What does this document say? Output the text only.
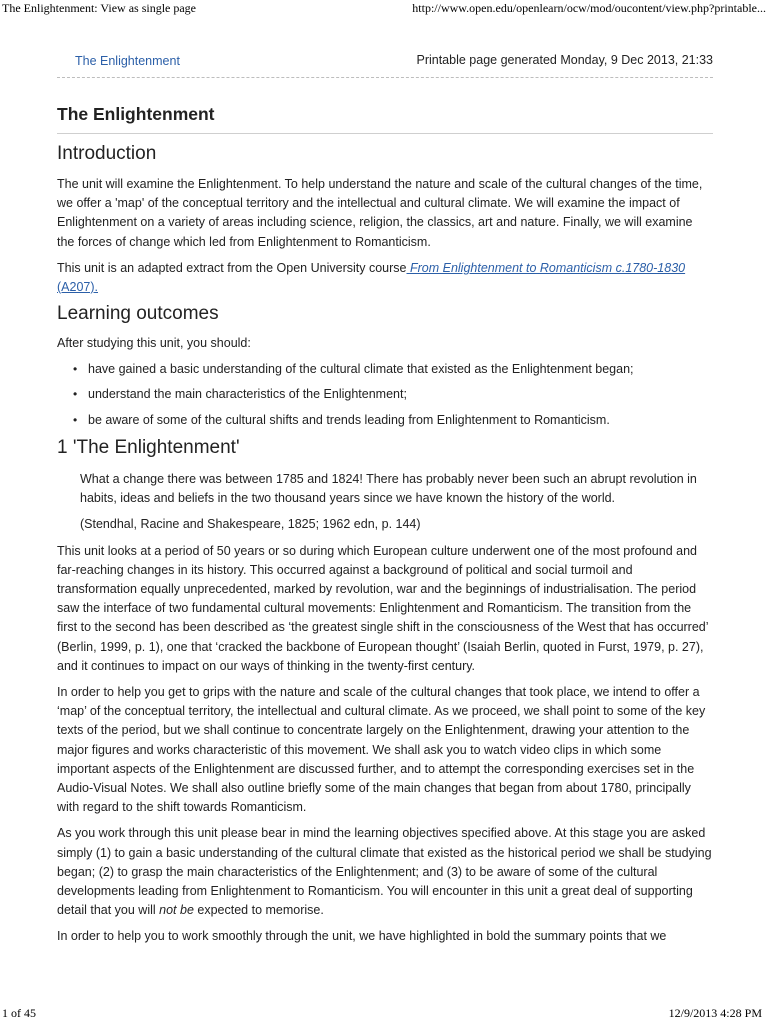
The Enlightenment: View as single page	http://www.open.edu/openlearn/ocw/mod/oucontent/view.php?printable...
The Enlightenment	Printable page generated Monday, 9 Dec 2013, 21:33
The Enlightenment
Introduction

The unit will examine the Enlightenment. To help understand the nature and scale of the cultural changes of the time, we offer a 'map' of the conceptual territory and the intellectual and cultural climate. We will examine the impact of Enlightenment on a variety of areas including science, religion, the classics, art and nature. Finally, we will examine the forces of change which led from Enlightenment to Romanticism.

This unit is an adapted extract from the Open University course From Enlightenment to Romanticism c.1780-1830 (A207).

Learning outcomes

After studying this unit, you should:

• have gained a basic understanding of the cultural climate that existed as the Enlightenment began;
• understand the main characteristics of the Enlightenment;
• be aware of some of the cultural shifts and trends leading from Enlightenment to Romanticism.
1 'The Enlightenment'

What a change there was between 1785 and 1824! There has probably never been such an abrupt revolution in habits, ideas and beliefs in the two thousand years since we have known the history of the world.

(Stendhal, Racine and Shakespeare, 1825; 1962 edn, p. 144)

This unit looks at a period of 50 years or so during which European culture underwent one of the most profound and far-reaching changes in its history. This occurred against a background of political and social turmoil and transformation equally unprecedented, marked by revolution, war and the beginnings of industrialisation. The period saw the interface of two fundamental cultural movements: Enlightenment and Romanticism. The transition from the first to the second has been described as ‘the greatest single shift in the consciousness of the West that has occurred’ (Berlin, 1999, p. 1), one that ‘cracked the backbone of European thought’ (Isaiah Berlin, quoted in Furst, 1979, p. 27), and it continues to impact on our ways of thinking in the twenty-first century.

In order to help you get to grips with the nature and scale of the cultural changes that took place, we intend to offer a ‘map’ of the conceptual territory, the intellectual and cultural climate. As we proceed, we shall point to some of the key texts of the period, but we shall continue to concentrate largely on the Enlightenment, drawing your attention to the major figures and works characteristic of this movement. We shall ask you to watch video clips in which some important aspects of the Enlightenment are discussed further, and to attempt the corresponding exercises set in the Audio-Visual Notes. We shall also outline briefly some of the main changes that began from about 1780, principally with regard to the shift towards Romanticism.

As you work through this unit please bear in mind the learning objectives specified above. At this stage you are asked simply (1) to gain a basic understanding of the cultural climate that existed as the historical period we shall be studying began; (2) to grasp the main characteristics of the Enlightenment; and (3) to be aware of some of the cultural developments leading from Enlightenment to Romanticism. You will encounter in this unit a great deal of supporting detail that you will not be expected to memorise.

In order to help you to work smoothly through the unit, we have highlighted in bold the summary points that we

1 of 45	12/9/2013 4:28 PM
